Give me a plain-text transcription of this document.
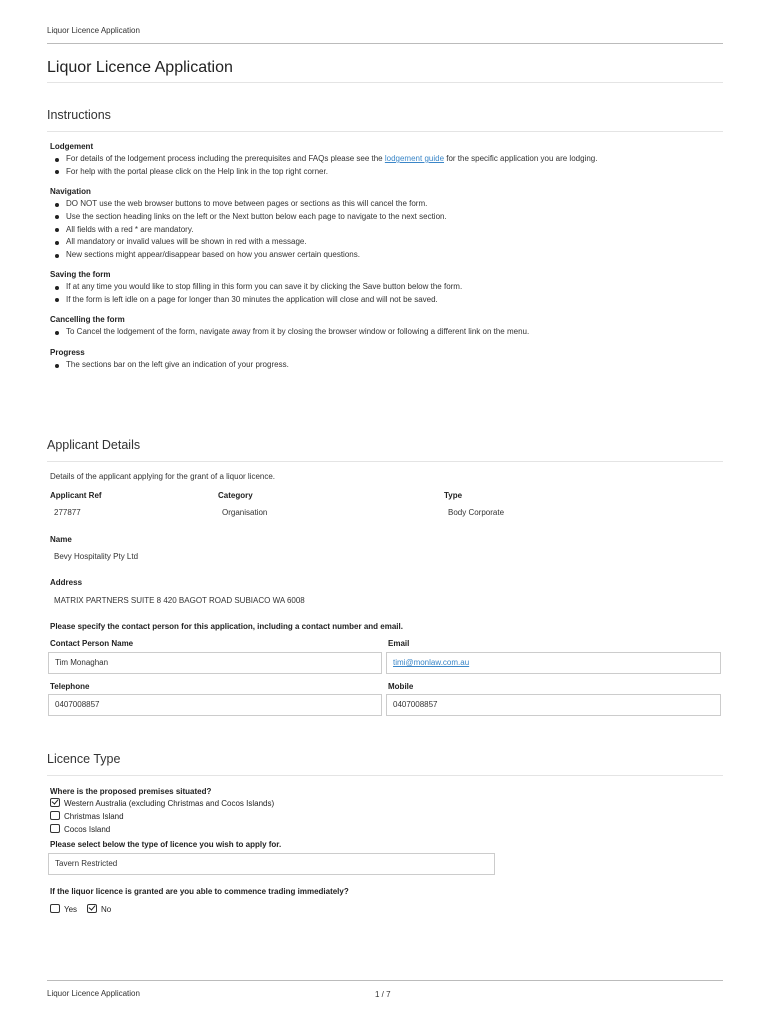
Liquor Licence Application
Liquor Licence Application
Instructions
Lodgement
For details of the lodgement process including the prerequisites and FAQs please see the lodgement guide for the specific application you are lodging.
For help with the portal please click on the Help link in the top right corner.
Navigation
DO NOT use the web browser buttons to move between pages or sections as this will cancel the form.
Use the section heading links on the left or the Next button below each page to navigate to the next section.
All fields with a red * are mandatory.
All mandatory or invalid values will be shown in red with a message.
New sections might appear/disappear based on how you answer certain questions.
Saving the form
If at any time you would like to stop filling in this form you can save it by clicking the Save button below the form.
If the form is left idle on a page for longer than 30 minutes the application will close and will not be saved.
Cancelling the form
To Cancel the lodgement of the form, navigate away from it by closing the browser window or following a different link on the menu.
Progress
The sections bar on the left give an indication of your progress.
Applicant Details
Details of the applicant applying for the grant of a liquor licence.
Applicant Ref
277877
Category
Organisation
Type
Body Corporate
Name
Bevy Hospitality Pty Ltd
Address
MATRIX PARTNERS SUITE 8 420 BAGOT ROAD SUBIACO WA 6008
Please specify the contact person for this application, including a contact number and email.
Contact Person Name
Tim Monaghan
Email
timi@monlaw.com.au
Telephone
0407008857
Mobile
0407008857
Licence Type
Where is the proposed premises situated?
Western Australia (excluding Christmas and Cocos Islands)
Christmas Island
Cocos Island
Please select below the type of licence you wish to apply for.
Tavern Restricted
If the liquor licence is granted are you able to commence trading immediately?
Yes	No
Liquor Licence Application	1 / 7
